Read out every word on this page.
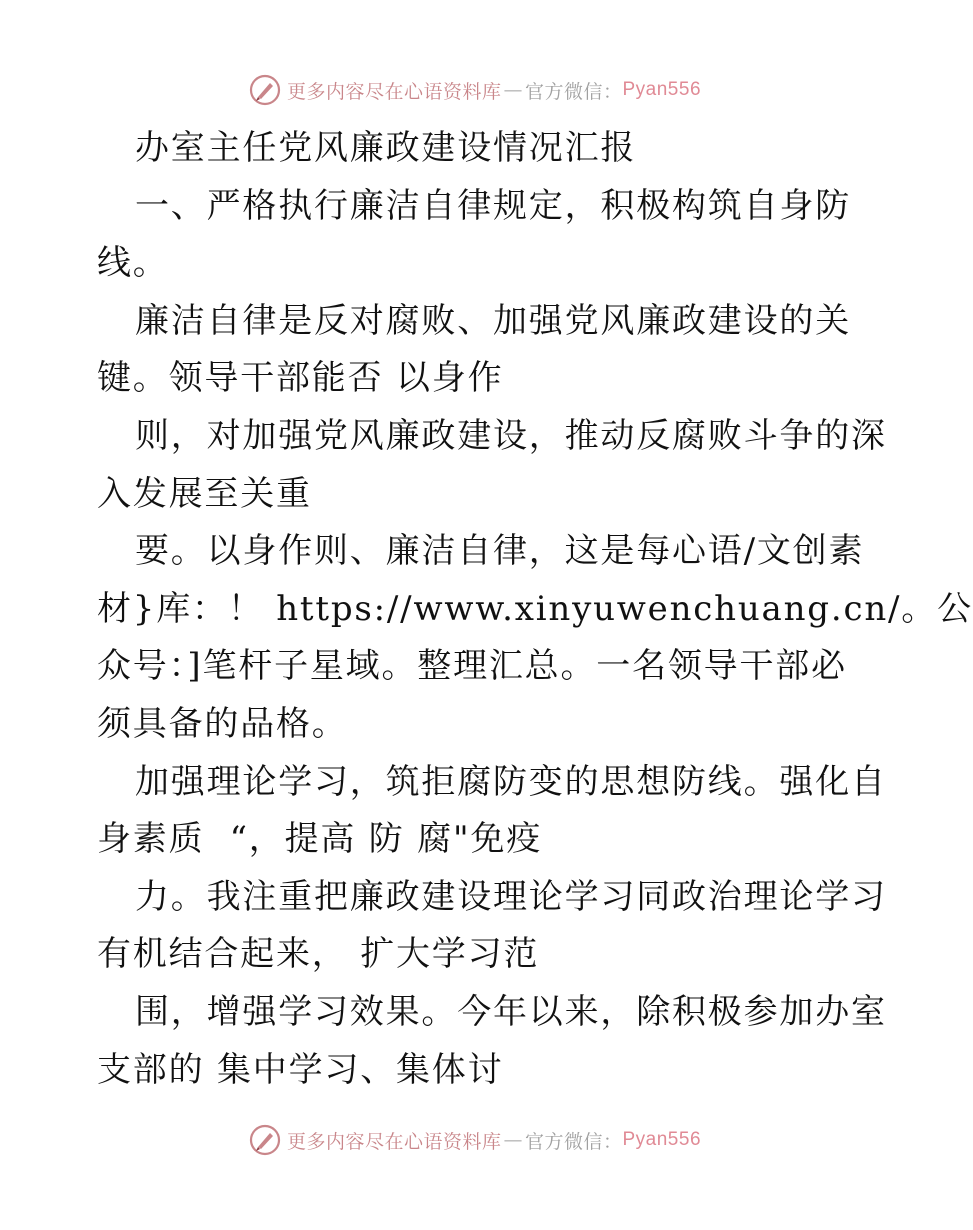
更多内容尽在心语资料库 — 官方微信： Pyan556
办室主任党风廉政建设情况汇报
一、严格执行廉洁自律规定，积极构筑自身防
线。
廉洁自律是反对腐败、加强党风廉政建设的关
键。领导干部能否 以身作
则，对加强党风廉政建设，推动反腐败斗争的深
入发展至关重
要。以身作则、廉洁自律，这是每心语/文创素
材}库：！ https://www.xinyuwenchuang.cn/。公
众号：]笔杆子星域。整理汇总。一名领导干部必
须具备的品格。
加强理论学习，筑拒腐防变的思想防线。强化自
身素质  “，提高 防 腐"免疫
力。我注重把廉政建设理论学习同政治理论学习
有机结合起来， 扩大学习范
围，增强学习效果。今年以来，除积极参加办室
支部的 集中学习、集体讨
更多内容尽在心语资料库 — 官方微信： Pyan556
